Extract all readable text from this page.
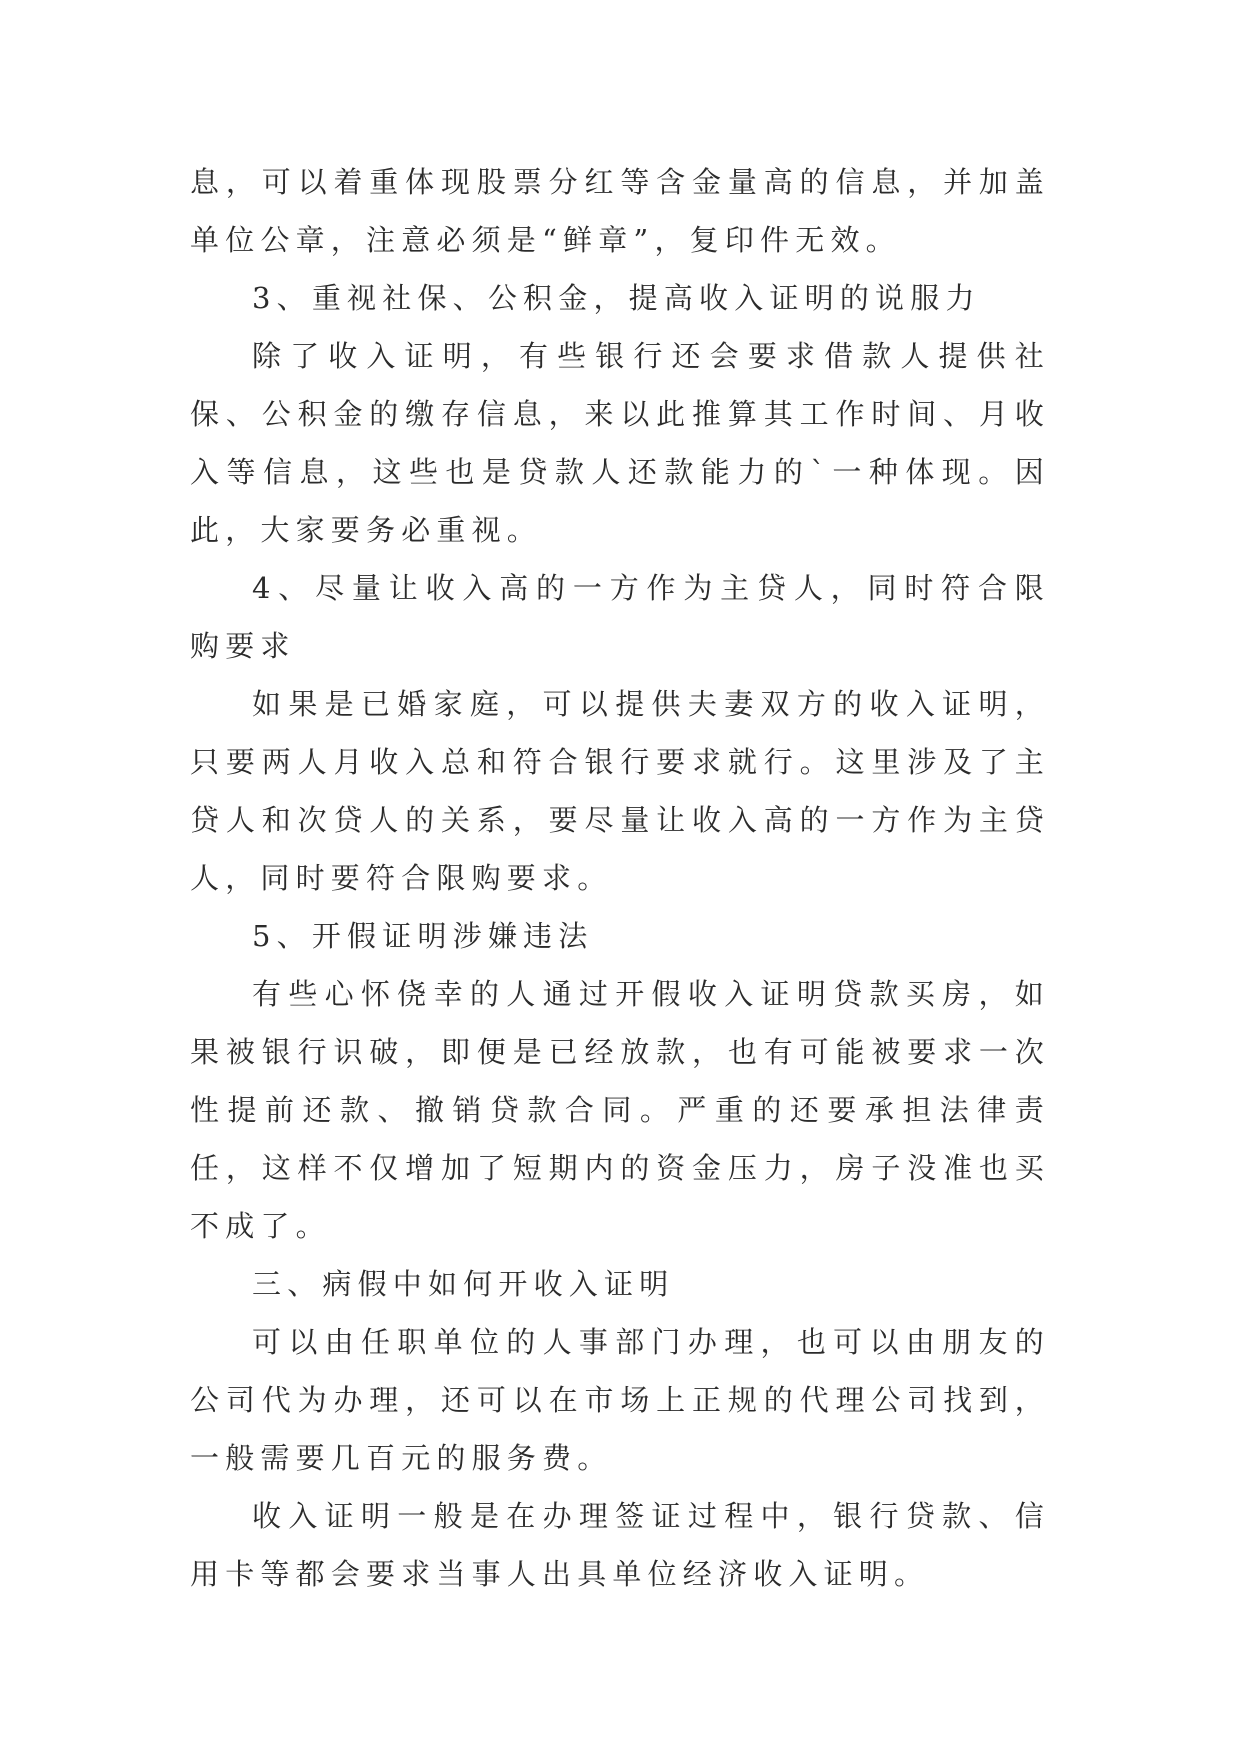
息，可以着重体现股票分红等含金量高的信息，并加盖单位公章，注意必须是“鲜章”，复印件无效。

3、重视社保、公积金，提高收入证明的说服力

除了收入证明，有些银行还会要求借款人提供社保、公积金的缴存信息，来以此推算其工作时间、月收入等信息，这些也是贷款人还款能力的`一种体现。因此，大家要务必重视。

4、尽量让收入高的一方作为主贷人，同时符合限购要求

如果是已婚家庭，可以提供夫妻双方的收入证明，只要两人月收入总和符合银行要求就行。这里涉及了主贷人和次贷人的关系，要尽量让收入高的一方作为主贷人，同时要符合限购要求。

5、开假证明涉嫌违法

有些心怀侥幸的人通过开假收入证明贷款买房，如果被银行识破，即便是已经放款，也有可能被要求一次性提前还款、撤销贷款合同。严重的还要承担法律责任，这样不仅增加了短期内的资金压力，房子没准也买不成了。

三、病假中如何开收入证明

可以由任职单位的人事部门办理，也可以由朋友的公司代为办理，还可以在市场上正规的代理公司找到，一般需要几百元的服务费。

收入证明一般是在办理签证过程中，银行贷款、信用卡等都会要求当事人出具单位经济收入证明。
